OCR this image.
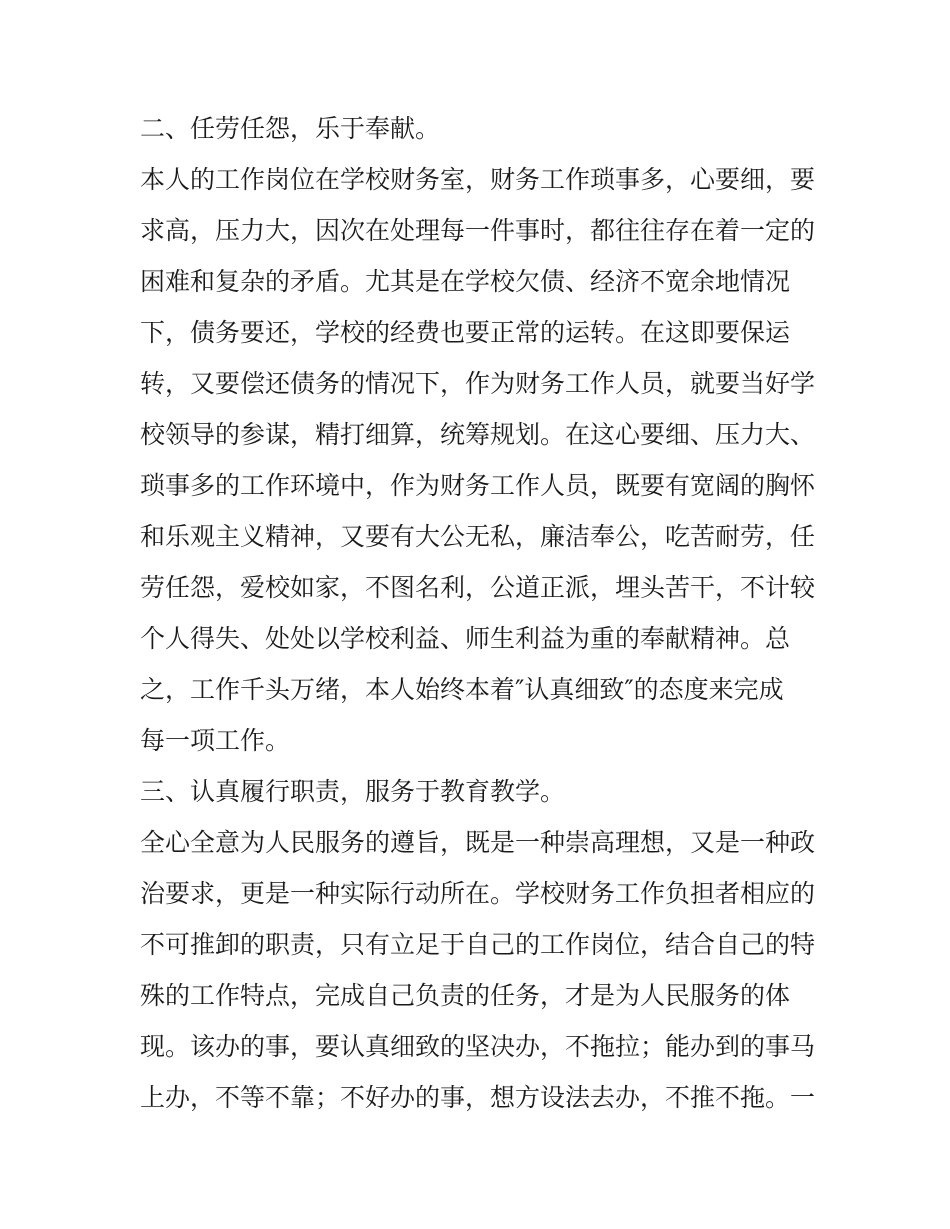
二、任劳任怨，乐于奉献。
本人的工作岗位在学校财务室，财务工作琐事多，心要细，要
求高，压力大，因次在处理每一件事时，都往往存在着一定的
困难和复杂的矛盾。尤其是在学校欠债、经济不宽余地情况
下，债务要还，学校的经费也要正常的运转。在这即要保运
转，又要偿还债务的情况下，作为财务工作人员，就要当好学
校领导的参谋，精打细算，统筹规划。在这心要细、压力大、
琐事多的工作环境中，作为财务工作人员，既要有宽阔的胸怀
和乐观主义精神，又要有大公无私，廉洁奉公，吃苦耐劳，任
劳任怨，爱校如家，不图名利，公道正派，埋头苦干，不计较
个人得失、处处以学校利益、师生利益为重的奉献精神。总
之，工作千头万绪，本人始终本着″认真细致″的态度来完成
每一项工作。
三、认真履行职责，服务于教育教学。
全心全意为人民服务的遵旨，既是一种崇高理想，又是一种政
治要求，更是一种实际行动所在。学校财务工作负担者相应的
不可推卸的职责，只有立足于自己的工作岗位，结合自己的特
殊的工作特点，完成自己负责的任务，才是为人民服务的体
现。该办的事，要认真细致的坚决办，不拖拉；能办到的事马
上办，不等不靠；不好办的事，想方设法去办，不推不拖。一
